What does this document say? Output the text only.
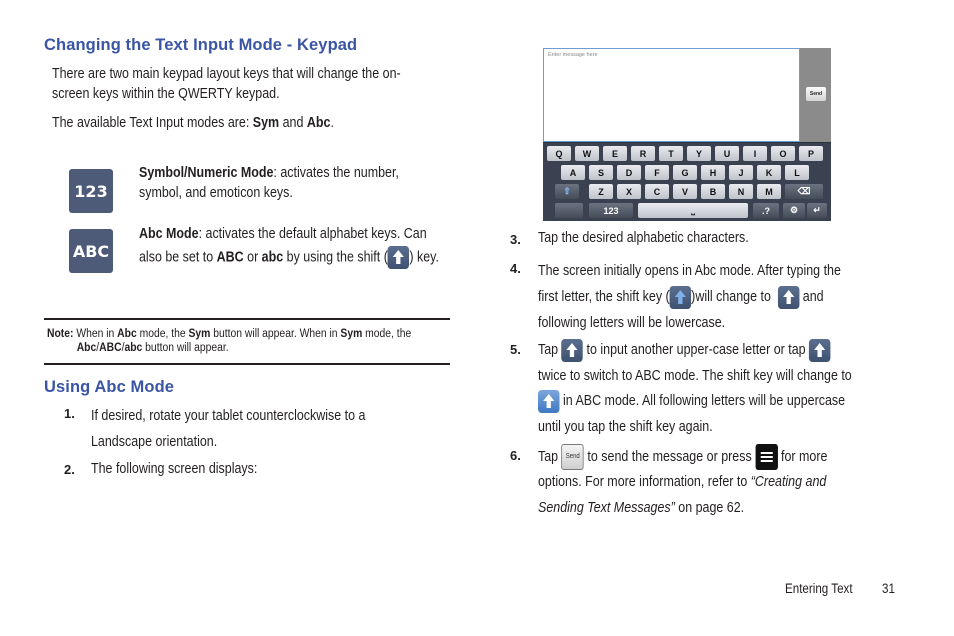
Changing the Text Input Mode - Keypad
There are two main keypad layout keys that will change the on-
screen keys within the QWERTY keypad.
The available Text Input modes are: Sym and Abc.
123
Symbol/Numeric Mode: activates the number,
symbol, and emoticon keys.
ABC
Abc Mode: activates the default alphabet keys. Can
also be set to ABC or abc by using the shift ( ) key.
Note: When in Abc mode, the Sym button will appear. When in Sym mode, the
Abc/ABC/abc button will appear.
Using Abc Mode
1. If desired, rotate your tablet counterclockwise to a
Landscape orientation.
2. The following screen displays:
Enter message here
Send
Q	W	E	R	T	Y	U	I	O	P
A	S	D	F	G	H	J	K	L
⇧	Z	X	C	V	B	N	M	⌫
123	⎵	.?	⚙	↵
3. Tap the desired alphabetic characters.
4. The screen initially opens in Abc mode. After typing the
first letter, the shift key ( )will change to and
following letters will be lowercase.
5. Tap to input another upper-case letter or tap
twice to switch to ABC mode. The shift key will change to
in ABC mode. All following letters will be uppercase
until you tap the shift key again.
6. Tap Send to send the message or press for more
options. For more information, refer to “Creating and
Sending Text Messages” on page 62.
Entering Text 31
